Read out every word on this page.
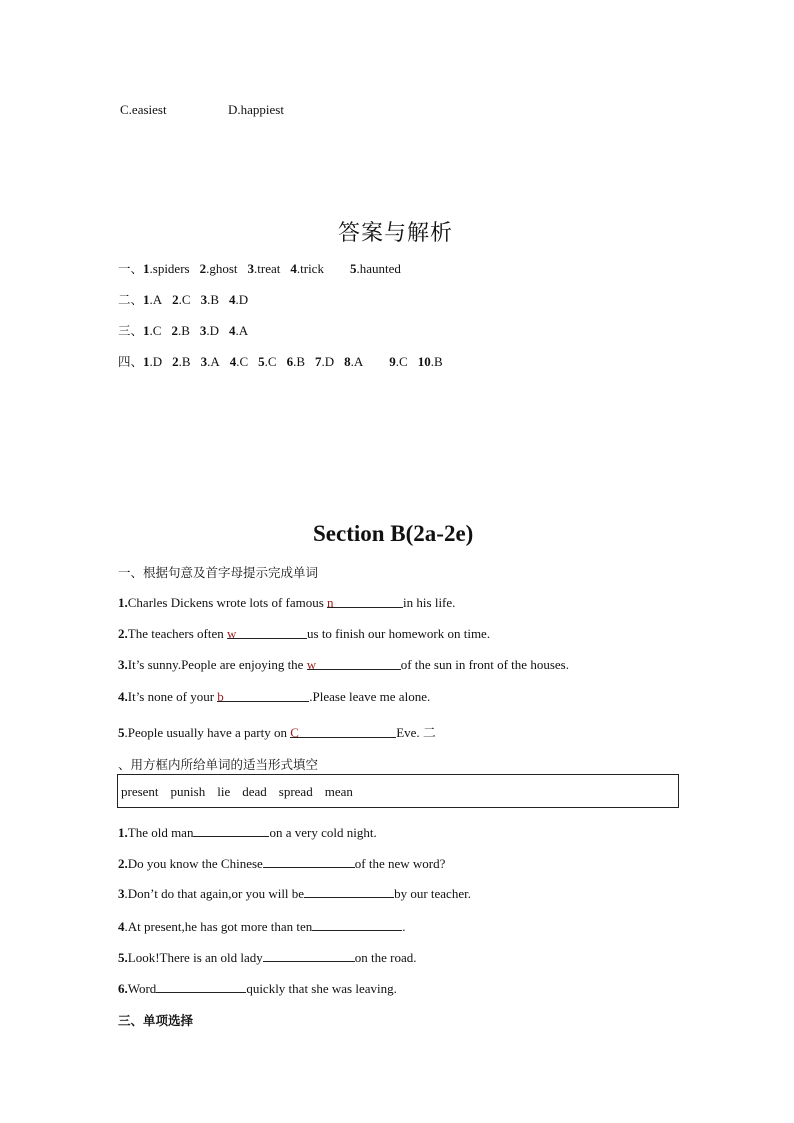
C.easiest	D.happiest
答案与解析
一、1.spiders 2.ghost 3.treat 4.trick 5.haunted
二、1.A 2.C 3.B 4.D
三、1.C 2.B 3.D 4.A
四、1.D 2.B 3.A 4.C 5.C 6.B 7.D 8.A 9.C 10.B
Section B(2a-2e)
一、根据句意及首字母提示完成单词
1.Charles Dickens wrote lots of famous n	in his life.
2.The teachers often w	us to finish our homework on time.
3.It’s sunny.People are enjoying the w	of the sun in front of the houses.
4.It’s none of your b	.Please leave me alone.
5.People usually have a party on C	Eve. 二
、用方框内所给单词的适当形式填空
present punish lie dead spread mean
1.The old man	on a very cold night.
2.Do you know the Chinese	of the new word?
3.Don’t do that again,or you will be	by our teacher.
4.At present,he has got more than ten	.
5.Look!There is an old lady	on the road.
6.Word	quickly that she was leaving.
三、单项选择
